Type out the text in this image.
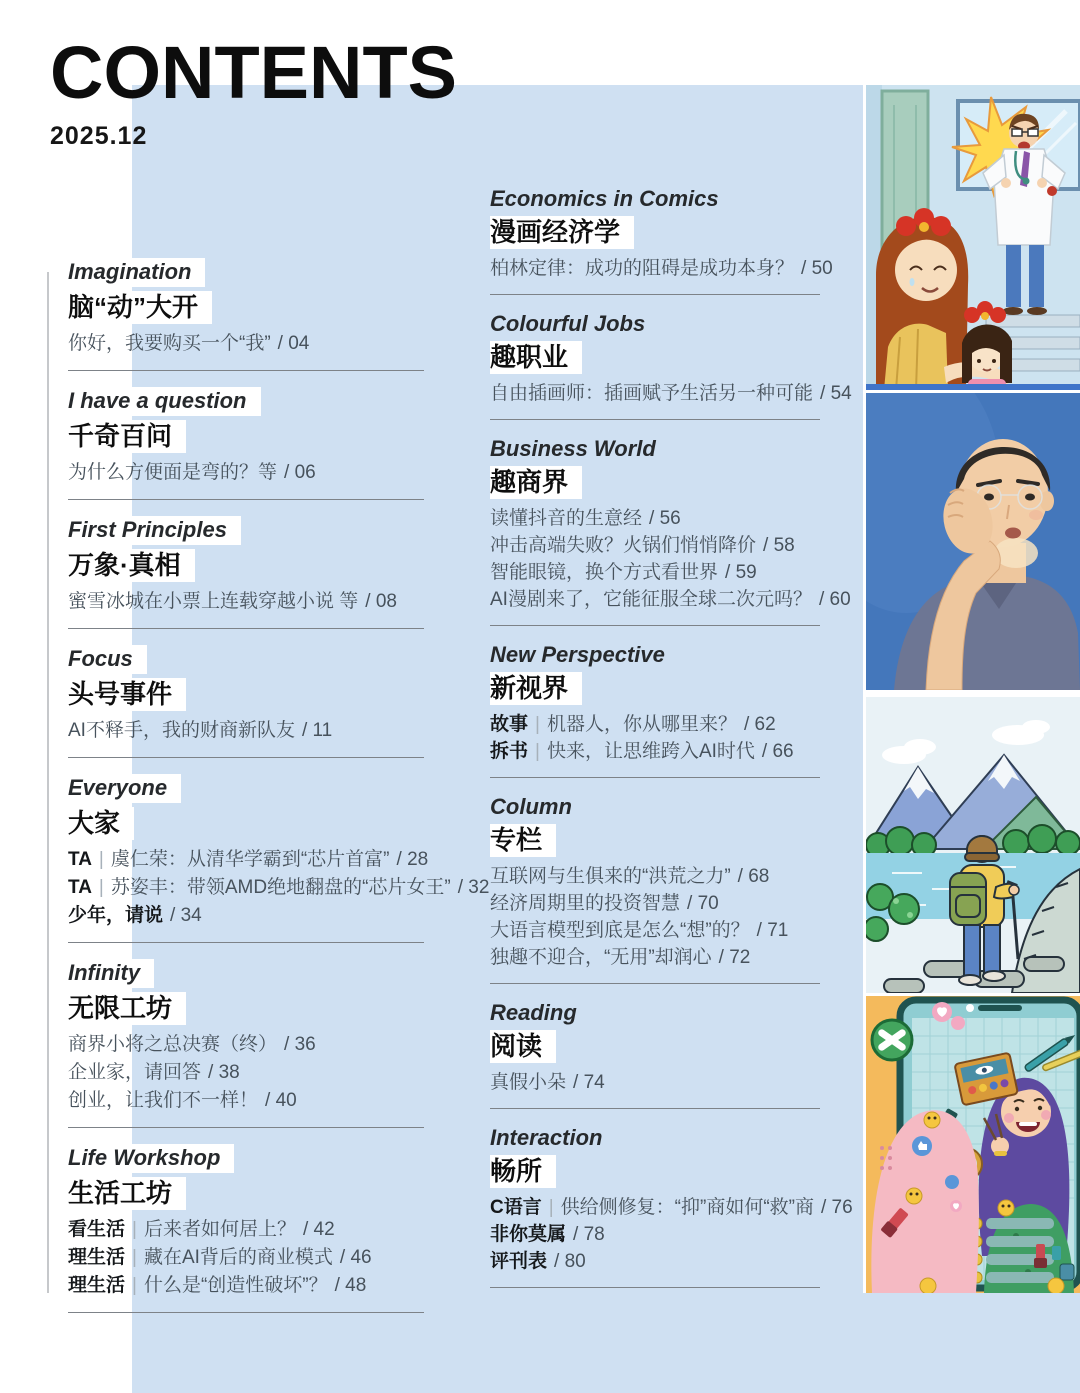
CONTENTS
2025.12
Imagination
脑“动”大开
你好，我要购买一个“我” / 04
I have a question
千奇百问
为什么方便面是弯的？等 / 06
First Principles
万象·真相
蜜雪冰城在小票上连载穿越小说 等 / 08
Focus
头号事件
AI不释手，我的财商新队友 / 11
Everyone
大家
TA | 虞仁荣：从清华学霸到“芯片首富” / 28
TA | 苏姿丰：带领AMD绝地翻盘的“芯片女王” / 32
少年，请说 / 34
Infinity
无限工坊
商界小将之总决赛（终） / 36
企业家，请回答 / 38
创业，让我们不一样！ / 40
Life Workshop
生活工坊
看生活 | 后来者如何居上？ / 42
理生活 | 藏在AI背后的商业模式 / 46
理生活 | 什么是“创造性破坏”？ / 48
Economics in Comics
漫画经济学
柏林定律：成功的阻碍是成功本身？ / 50
Colourful Jobs
趣职业
自由插画师：插画赋予生活另一种可能 / 54
Business World
趣商界
读懂抖音的生意经 / 56
冲击高端失败？火锅们悄悄降价 / 58
智能眼镜，换个方式看世界 / 59
AI漫剧来了，它能征服全球二次元吗？ / 60
New Perspective
新视界
故事 | 机器人，你从哪里来？ / 62
拆书 | 快来，让思维跨入AI时代 / 66
Column
专栏
互联网与生俱来的“洪荒之力” / 68
经济周期里的投资智慧 / 70
大语言模型到底是怎么“想”的？ / 71
独趣不迎合，“无用”却润心 / 72
Reading
阅读
真假小朵 / 74
Interaction
畅所
C语言 | 供给侧修复：“抑”商如何“救”商 / 76
非你莫属 / 78
评刊表 / 80
